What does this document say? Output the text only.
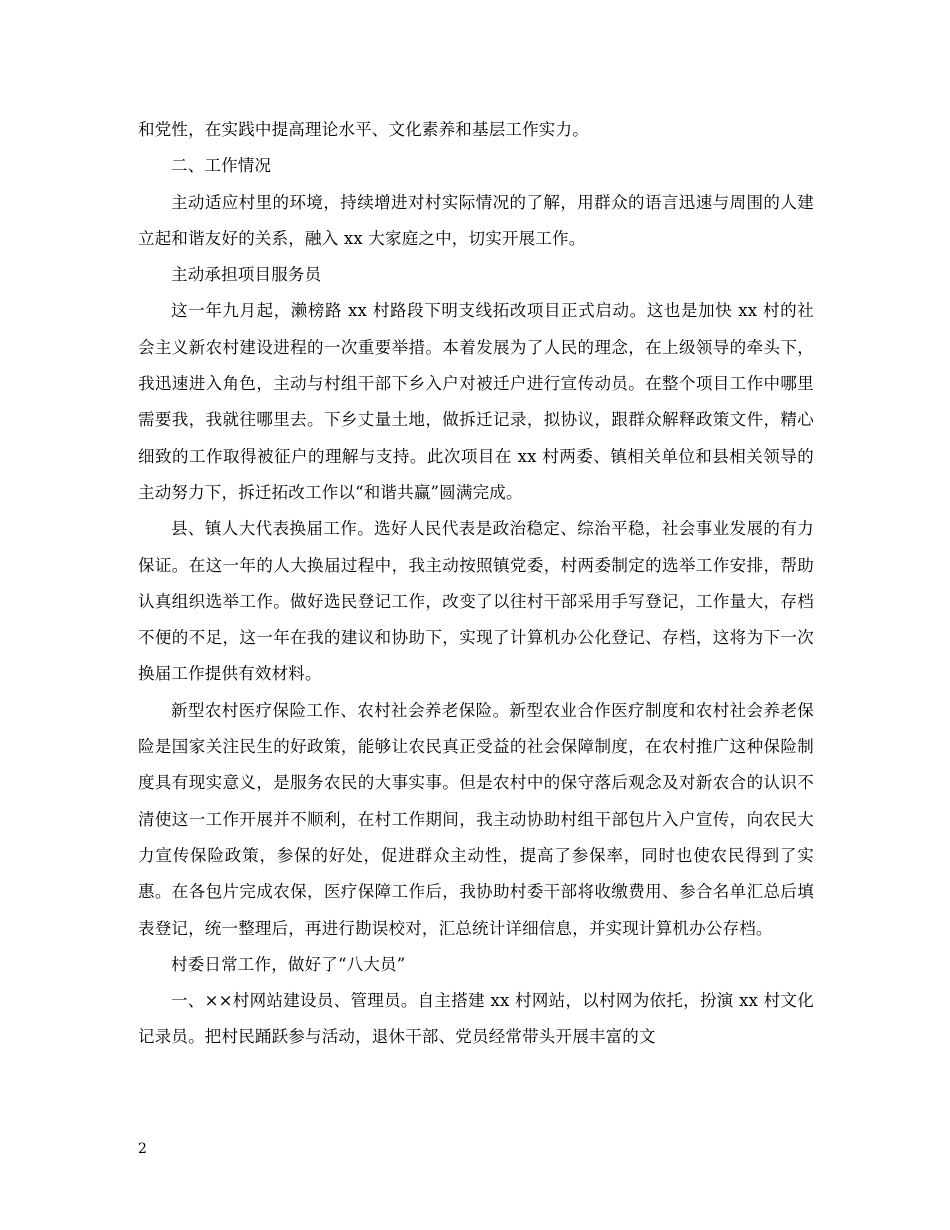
和党性，在实践中提高理论水平、文化素养和基层工作实力。

二、工作情况

主动适应村里的环境，持续增进对村实际情况的了解，用群众的语言迅速与周围的人建立起和谐友好的关系，融入 xx 大家庭之中，切实开展工作。

主动承担项目服务员

这一年九月起，濑榜路 xx 村路段下明支线拓改项目正式启动。这也是加快 xx 村的社会主义新农村建设进程的一次重要举措。本着发展为了人民的理念，在上级领导的牵头下，我迅速进入角色，主动与村组干部下乡入户对被迁户进行宣传动员。在整个项目工作中哪里需要我，我就往哪里去。下乡丈量土地，做拆迁记录，拟协议，跟群众解释政策文件，精心细致的工作取得被征户的理解与支持。此次项目在 xx 村两委、镇相关单位和县相关领导的主动努力下，拆迁拓改工作以“和谐共赢”圆满完成。

县、镇人大代表换届工作。选好人民代表是政治稳定、综治平稳，社会事业发展的有力保证。在这一年的人大换届过程中，我主动按照镇党委，村两委制定的选举工作安排，帮助认真组织选举工作。做好选民登记工作，改变了以往村干部采用手写登记，工作量大，存档不便的不足，这一年在我的建议和协助下，实现了计算机办公化登记、存档，这将为下一次换届工作提供有效材料。

新型农村医疗保险工作、农村社会养老保险。新型农业合作医疗制度和农村社会养老保险是国家关注民生的好政策，能够让农民真正受益的社会保障制度，在农村推广这种保险制度具有现实意义，是服务农民的大事实事。但是农村中的保守落后观念及对新农合的认识不清使这一工作开展并不顺利，在村工作期间，我主动协助村组干部包片入户宣传，向农民大力宣传保险政策，参保的好处，促进群众主动性，提高了参保率，同时也使农民得到了实惠。在各包片完成农保，医疗保障工作后，我协助村委干部将收缴费用、参合名单汇总后填表登记，统一整理后，再进行勘误校对，汇总统计详细信息，并实现计算机办公存档。

村委日常工作，做好了“八大员”

一、××村网站建设员、管理员。自主搭建 xx 村网站，以村网为依托，扮演 xx 村文化记录员。把村民踊跃参与活动，退休干部、党员经常带头开展丰富的文

2
